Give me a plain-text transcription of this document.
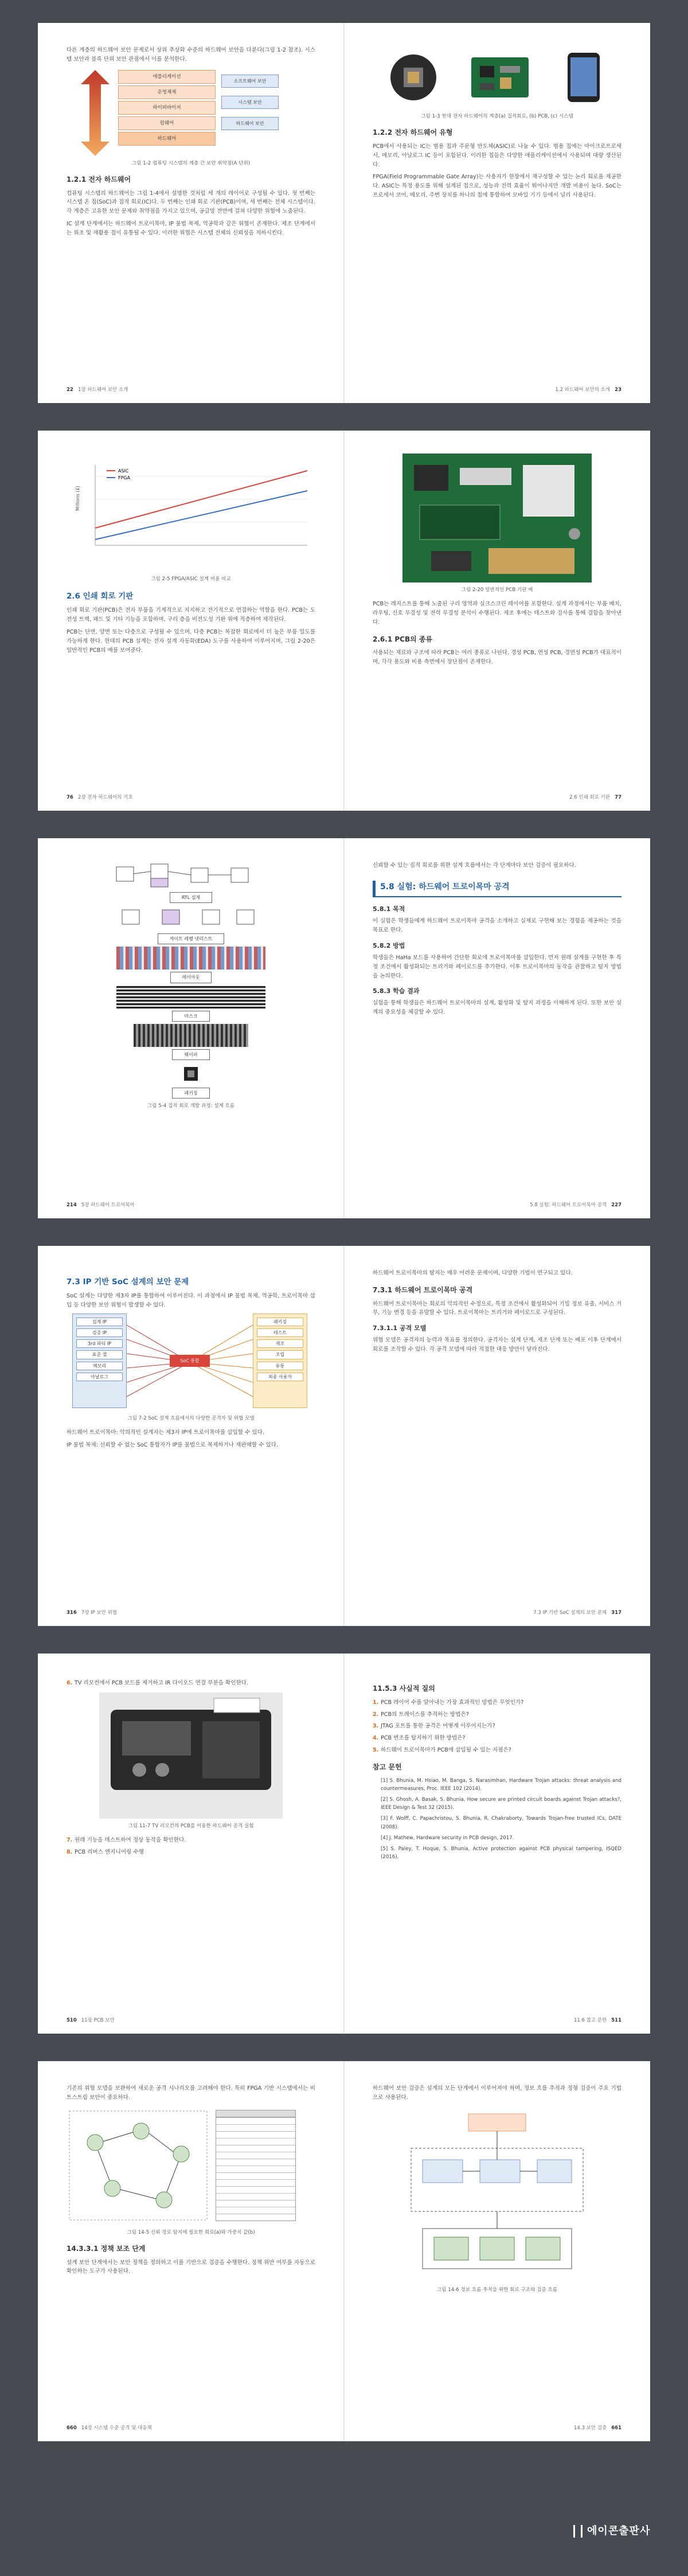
다른 계층의 하드웨어 보안 문제로서 상위 추상화 수준의 하드웨어 보안을 다룬다(그림 1-2 참조). 시스템 보안과 블록 단위 보안 관점에서 이를 분석한다.

애플리케이션
운영체제
하이퍼바이저
펌웨어
하드웨어
소프트웨어 보안
시스템 보안
하드웨어 보안
그림 1-2 컴퓨팅 시스템의 계층 간 보안 취약점(A 단위)
1.2.1 전자 하드웨어

컴퓨팅 시스템의 하드웨어는 그림 1-4에서 설명한 것처럼 세 개의 레이어로 구성될 수 있다. 첫 번째는 시스템 온 칩(SoC)과 집적 회로(IC)다. 두 번째는 인쇄 회로 기판(PCB)이며, 세 번째는 전체 시스템이다. 각 계층은 고유한 보안 문제와 취약점을 가지고 있으며, 공급망 전반에 걸쳐 다양한 위협에 노출된다.

IC 설계 단계에서는 하드웨어 트로이목마, IP 불법 복제, 역공학과 같은 위협이 존재한다. 제조 단계에서는 위조 및 재활용 칩이 유통될 수 있다. 이러한 위협은 시스템 전체의 신뢰성을 저하시킨다.

22 1장 하드웨어 보안 소개
그림 1-3 현대 전자 하드웨어의 계층(a) 집적회로, (b) PCB, (c) 시스템
1.2.2 전자 하드웨어 유형

PCB에서 사용되는 IC는 범용 칩과 주문형 반도체(ASIC)로 나눌 수 있다. 범용 칩에는 마이크로프로세서, 메모리, 아날로그 IC 등이 포함된다. 이러한 칩들은 다양한 애플리케이션에서 사용되며 대량 생산된다.

FPGA(Field Programmable Gate Array)는 사용자가 현장에서 재구성할 수 있는 논리 회로를 제공한다. ASIC는 특정 용도를 위해 설계된 칩으로, 성능과 전력 효율이 뛰어나지만 개발 비용이 높다. SoC는 프로세서 코어, 메모리, 주변 장치를 하나의 칩에 통합하여 모바일 기기 등에서 널리 사용된다.

1.2 하드웨어 보안의 소개 23
Millions (£)
ASIC
FPGA
그림 2-5 FPGA/ASIC 설계 비용 비교
2.6 인쇄 회로 기판

인쇄 회로 기판(PCB)은 전자 부품을 기계적으로 지지하고 전기적으로 연결하는 역할을 한다. PCB는 도전성 트랙, 패드 및 기타 기능을 포함하며, 구리 층을 비전도성 기판 위에 적층하여 제작된다.

PCB는 단면, 양면 또는 다층으로 구성될 수 있으며, 다층 PCB는 복잡한 회로에서 더 높은 부품 밀도를 가능하게 한다. 현대의 PCB 설계는 전자 설계 자동화(EDA) 도구를 사용하여 이루어지며, 그림 2-20은 일반적인 PCB의 예를 보여준다.

76 2장 전자 하드웨어의 기초
그림 2-20 일반적인 PCB 기판 예

PCB는 레지스트를 통해 노출된 구리 영역과 실크스크린 레이어를 포함한다. 설계 과정에서는 부품 배치, 라우팅, 신호 무결성 및 전력 무결성 분석이 수행된다. 제조 후에는 테스트와 검사를 통해 결함을 찾아낸다.

2.6.1 PCB의 종류

사용되는 재료와 구조에 따라 PCB는 여러 종류로 나뉜다. 경성 PCB, 연성 PCB, 경연성 PCB가 대표적이며, 각각 용도와 비용 측면에서 장단점이 존재한다.

2.6 인쇄 회로 기판 77
RTL 설계
게이트 레벨 넷리스트
레이아웃
마스크
웨이퍼
패키징
그림 5-4 집적 회로 개발 과정: 설계 흐름
214 5장 하드웨어 트로이목마

신뢰할 수 있는 집적 회로를 위한 설계 흐름에서는 각 단계마다 보안 검증이 필요하다.

5.8 실험: 하드웨어 트로이목마 공격
5.8.1 목적

이 실험은 학생들에게 하드웨어 트로이목마 공격을 소개하고 실제로 구현해 보는 경험을 제공하는 것을 목표로 한다.

5.8.2 방법

학생들은 HaHa 보드를 사용하여 간단한 회로에 트로이목마를 삽입한다. 먼저 원래 설계를 구현한 후 특정 조건에서 활성화되는 트리거와 페이로드를 추가한다. 이후 트로이목마의 동작을 관찰하고 탐지 방법을 논의한다.

5.8.3 학습 결과

실험을 통해 학생들은 하드웨어 트로이목마의 설계, 활성화 및 탐지 과정을 이해하게 된다. 또한 보안 설계의 중요성을 체감할 수 있다.

5.8 실험: 하드웨어 트로이목마 공격 227
7.3 IP 기반 SoC 설계의 보안 문제

SoC 설계는 다양한 제3자 IP를 통합하여 이루어진다. 이 과정에서 IP 불법 복제, 역공학, 트로이목마 삽입 등 다양한 보안 위협이 발생할 수 있다.

설계 IP
검증 IP
3rd 파티 IP
표준 셀
메모리
아날로그
SoC 통합
패키징
테스트
제조
조립
유통
최종 사용자
그림 7-2 SoC 설계 흐름에서의 다양한 공격자 및 위협 모델

하드웨어 트로이목마: 악의적인 설계자는 제3자 IP에 트로이목마를 삽입할 수 있다.

IP 불법 복제: 신뢰할 수 없는 SoC 통합자가 IP를 불법으로 복제하거나 재판매할 수 있다.

316 7장 IP 보안 위협

하드웨어 트로이목마의 탐지는 매우 어려운 문제이며, 다양한 기법이 연구되고 있다.

7.3.1 하드웨어 트로이목마 공격

하드웨어 트로이목마는 회로의 악의적인 수정으로, 특정 조건에서 활성화되어 기밀 정보 유출, 서비스 거부, 기능 변경 등을 유발할 수 있다. 트로이목마는 트리거와 페이로드로 구성된다.

7.3.1.1 공격 모델

위협 모델은 공격자의 능력과 목표를 정의한다. 공격자는 설계 단계, 제조 단계 또는 배포 이후 단계에서 회로를 조작할 수 있다. 각 공격 모델에 따라 적절한 대응 방안이 달라진다.

7.3 IP 기반 SoC 설계의 보안 문제 317
6. TV 리모컨에서 PCB 보드를 제거하고 IR 다이오드 연결 부분을 확인한다.
그림 11-7 TV 리모컨의 PCB를 이용한 하드웨어 공격 실험
7. 원래 기능을 테스트하여 정상 동작을 확인한다.
8. PCB 리버스 엔지니어링 수행
510 11장 PCB 보안
11.5.3 사실적 질의
1. PCB 레이어 수를 알아내는 가장 효과적인 방법은 무엇인가?
2. PCB의 트레이스를 추적하는 방법은?
3. JTAG 포트를 통한 공격은 어떻게 이루어지는가?
4. PCB 변조를 탐지하기 위한 방법은?
5. 하드웨어 트로이목마가 PCB에 삽입될 수 있는 지점은?
참고 문헌
[1] S. Bhunia, M. Hsiao, M. Banga, S. Narasimhan, Hardware Trojan attacks: threat analysis and countermeasures, Proc. IEEE 102 (2014).
[2] S. Ghosh, A. Basak, S. Bhunia, How secure are printed circuit boards against Trojan attacks?, IEEE Design & Test 32 (2015).
[3] F. Wolff, C. Papachristou, S. Bhunia, R. Chakraborty, Towards Trojan-free trusted ICs, DATE (2008).
[4] J. Mathew, Hardware security in PCB design, 2017.
[5] S. Paley, T. Hoque, S. Bhunia, Active protection against PCB physical tampering, ISQED (2016).
11.6 참고 문헌 511

기존의 위협 모델을 보완하여 새로운 공격 시나리오를 고려해야 한다. 특히 FPGA 기반 시스템에서는 비트스트림 보안이 중요하다.

그림 14-5 신뢰 경로 탐지에 필요한 회로(a)와 가중치 값(b)
14.3.3.1 정책 보조 단계

설계 보안 단계에서는 보안 정책을 정의하고 이를 기반으로 검증을 수행한다. 정책 위반 여부를 자동으로 확인하는 도구가 사용된다.

660 14장 시스템 수준 공격 및 대응책

하드웨어 보안 검증은 설계의 모든 단계에서 이루어져야 하며, 정보 흐름 추적과 정형 검증이 주요 기법으로 사용된다.

그림 14-6 정보 흐름 추적을 위한 회로 구조와 검증 흐름
14.3 보안 검증 661
에이콘출판사
